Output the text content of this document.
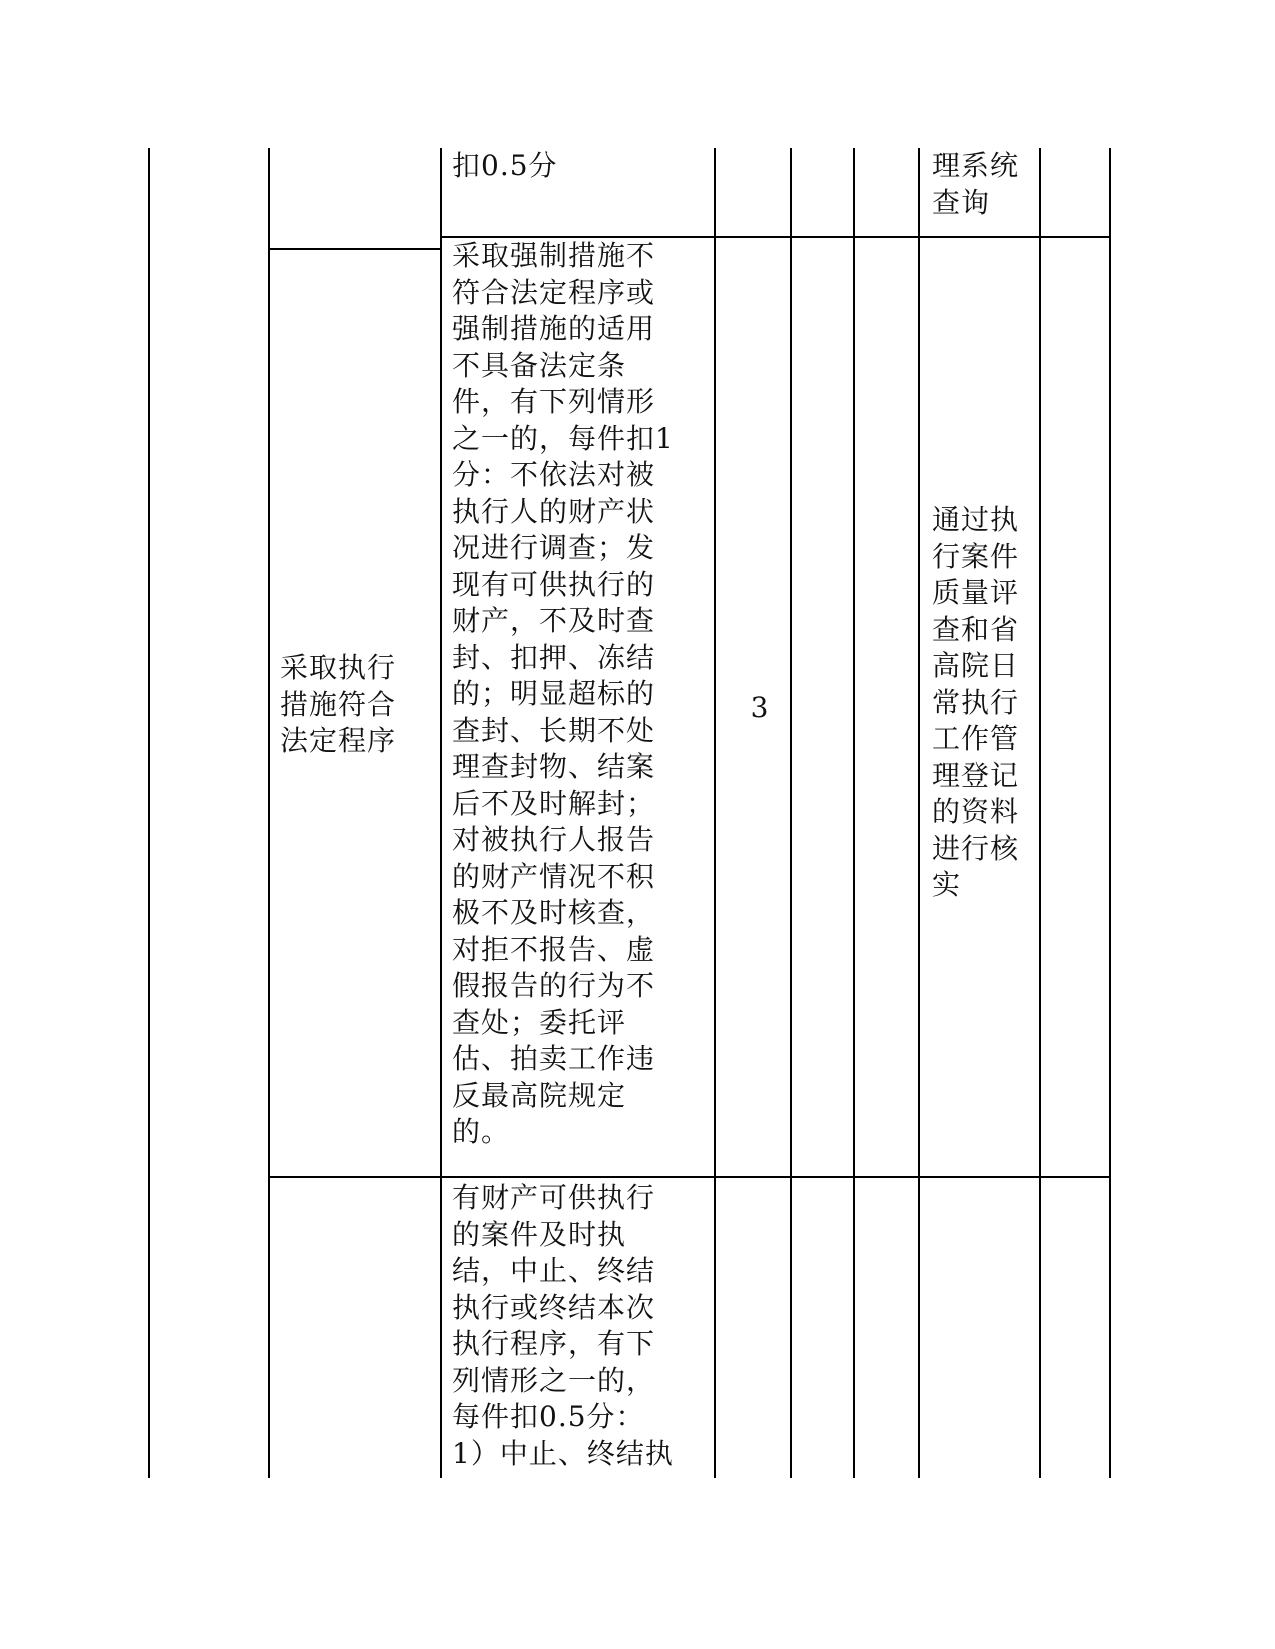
扣0.5分	理系统
查询
采取执行
措施符合
法定程序
采取强制措施不
符合法定程序或
强制措施的适用
不具备法定条
件，有下列情形
之一的，每件扣1
分：不依法对被
执行人的财产状
况进行调查；发
现有可供执行的
财产，不及时查
封、扣押、冻结
的；明显超标的
查封、长期不处
理查封物、结案
后不及时解封；
对被执行人报告
的财产情况不积
极不及时核查，
对拒不报告、虚
假报告的行为不
查处；委托评
估、拍卖工作违
反最高院规定
的。
3
通过执
行案件
质量评
查和省
高院日
常执行
工作管
理登记
的资料
进行核
实
有财产可供执行
的案件及时执
结，中止、终结
执行或终结本次
执行程序，有下
列情形之一的，
每件扣0.5分：
1）中止、终结执
